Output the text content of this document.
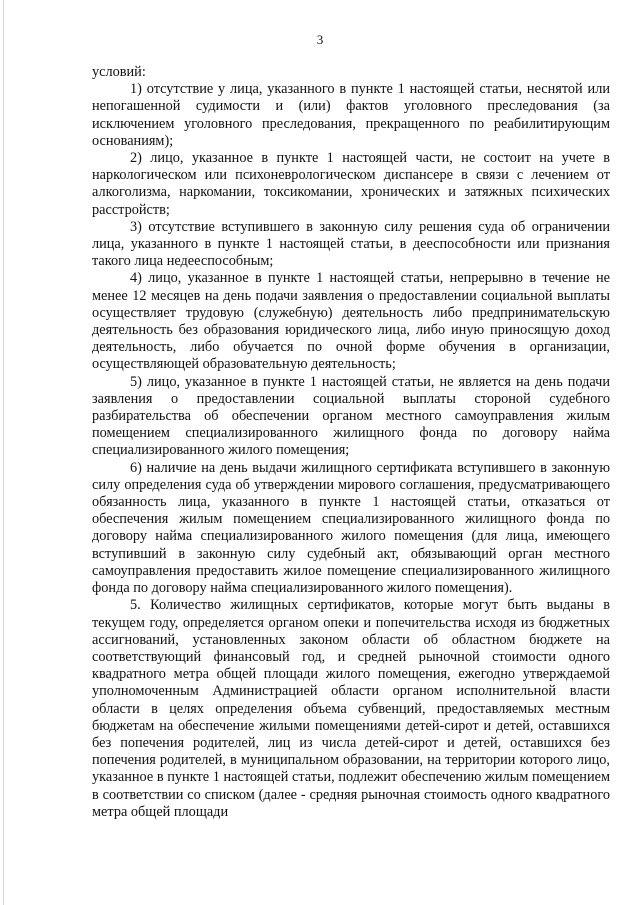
3

условий:

1) отсутствие у лица, указанного в пункте 1 настоящей статьи, неснятой или непогашенной судимости и (или) фактов уголовного преследования (за исключением уголовного преследования, прекращенного по реабилитирующим основаниям);

2) лицо, указанное в пункте 1 настоящей части, не состоит на учете в наркологическом или психоневрологическом диспансере в связи с лечением от алкоголизма, наркомании, токсикомании, хронических и затяжных психических расстройств;

3) отсутствие вступившего в законную силу решения суда об ограничении лица, указанного в пункте 1 настоящей статьи, в дееспособности или признания такого лица недееспособным;

4) лицо, указанное в пункте 1 настоящей статьи, непрерывно в течение не менее 12 месяцев на день подачи заявления о предоставлении социальной выплаты осуществляет трудовую (служебную) деятельность либо предпринимательскую деятельность без образования юридического лица, либо иную приносящую доход деятельность, либо обучается по очной форме обучения в организации, осуществляющей образовательную деятельность;

5) лицо, указанное в пункте 1 настоящей статьи, не является на день подачи заявления о предоставлении социальной выплаты стороной судебного разбирательства об обеспечении органом местного самоуправления жилым помещением специализированного жилищного фонда по договору найма специализированного жилого помещения;

6) наличие на день выдачи жилищного сертификата вступившего в законную силу определения суда об утверждении мирового соглашения, предусматривающего обязанность лица, указанного в пункте 1 настоящей статьи, отказаться от обеспечения жилым помещением специализированного жилищного фонда по договору найма специализированного жилого помещения (для лица, имеющего вступивший в законную силу судебный акт, обязывающий орган местного самоуправления предоставить жилое помещение специализированного жилищного фонда по договору найма специализированного жилого помещения).

5. Количество жилищных сертификатов, которые могут быть выданы в текущем году, определяется органом опеки и попечительства исходя из бюджетных ассигнований, установленных законом области об областном бюджете на соответствующий финансовый год, и средней рыночной стоимости одного квадратного метра общей площади жилого помещения, ежегодно утверждаемой уполномоченным Администрацией области органом исполнительной власти области в целях определения объема субвенций, предоставляемых местным бюджетам на обеспечение жилыми помещениями детей-сирот и детей, оставшихся без попечения родителей, лиц из числа детей-сирот и детей, оставшихся без попечения родителей, в муниципальном образовании, на территории которого лицо, указанное в пункте 1 настоящей статьи, подлежит обеспечению жилым помещением в соответствии со списком (далее - средняя рыночная стоимость одного квадратного метра общей площади
